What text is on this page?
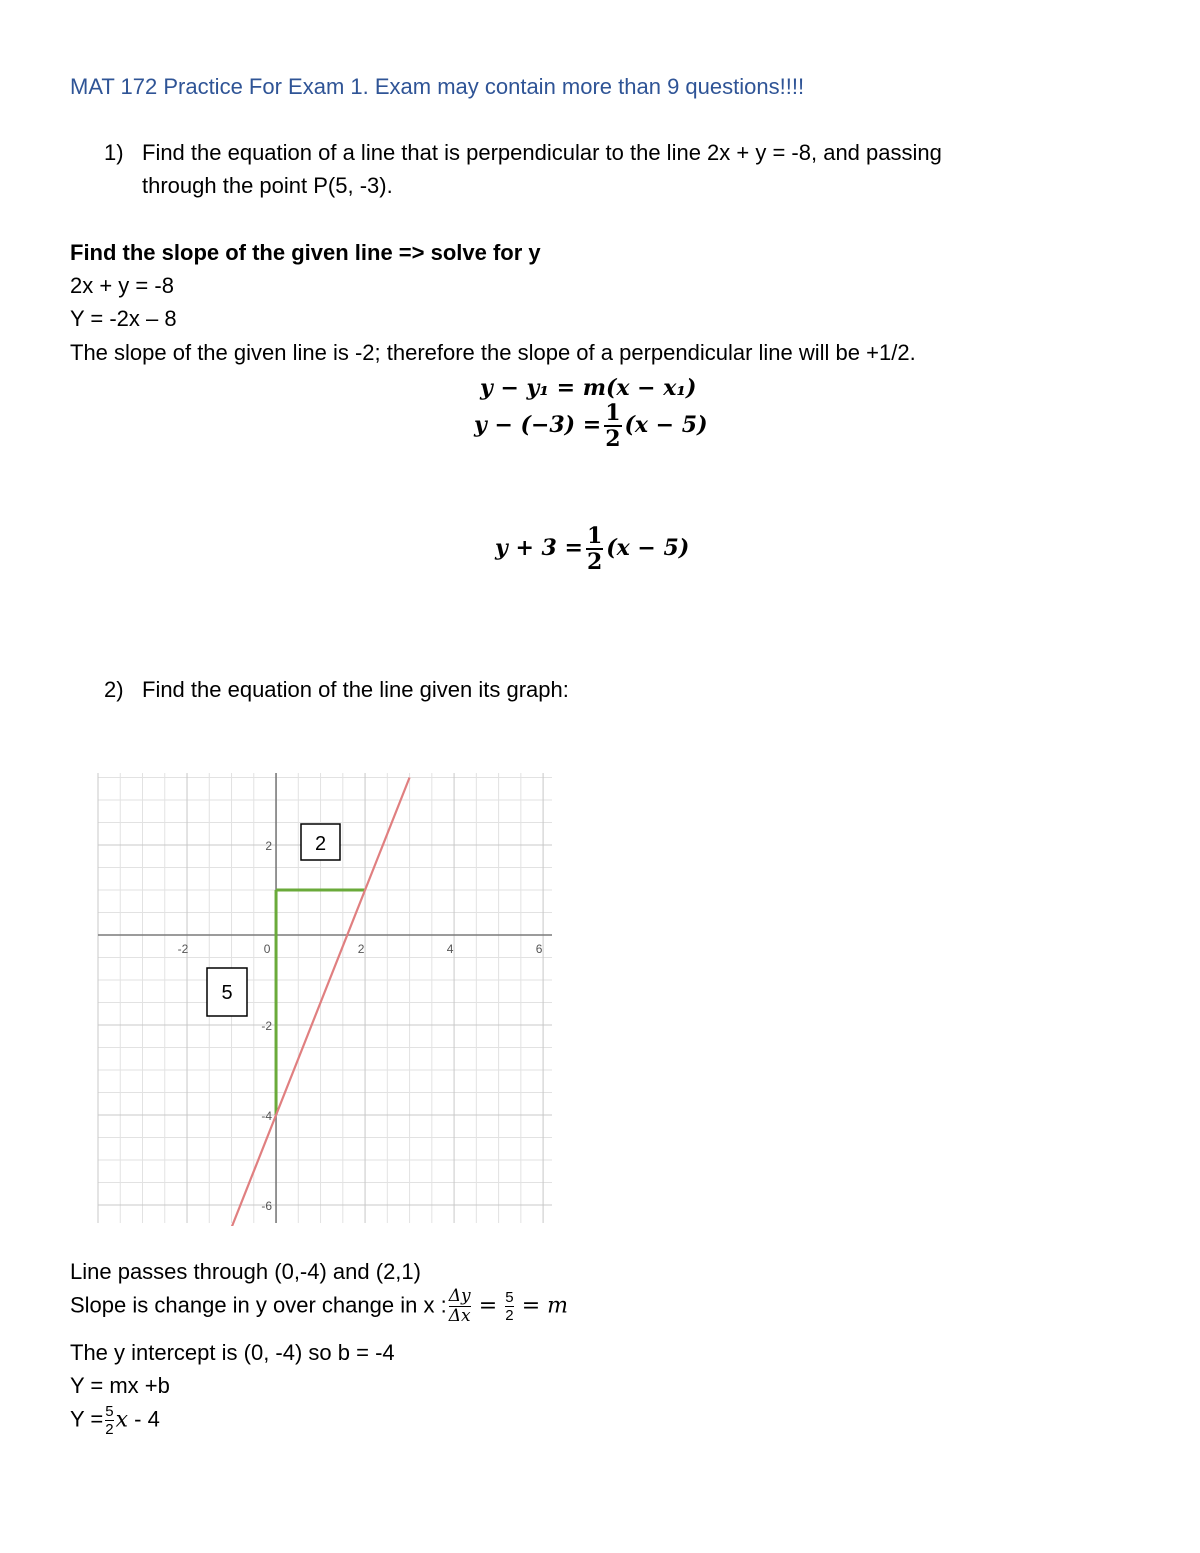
MAT 172 Practice For Exam 1. Exam may contain more than 9 questions!!!!
1) Find the equation of a line that is perpendicular to the line 2x + y = -8, and passing
through the point P(5, -3).
Find the slope of the given line => solve for y
2x + y = -8
Y = -2x – 8
The slope of the given line is -2; therefore the slope of a perpendicular line will be +1/2.
y − y₁ = m(x − x₁)
$y - (-3) = \frac{1}{2} (x - 5)$
$y + 3 = \frac{1}{2} (x - 5)$
2) Find the equation of the line given its graph:
-2	0	2	4	6
2
-2
-4
-6
2
5
Line passes through (0,-4) and (2,1)
Slope is change in y over change in x : $\frac{\Delta y}{\Delta x} = \frac{5}{2} = m$
The y intercept is (0, -4) so b = -4
Y = mx +b
$Y = \frac{5}{2}$ x - 4
